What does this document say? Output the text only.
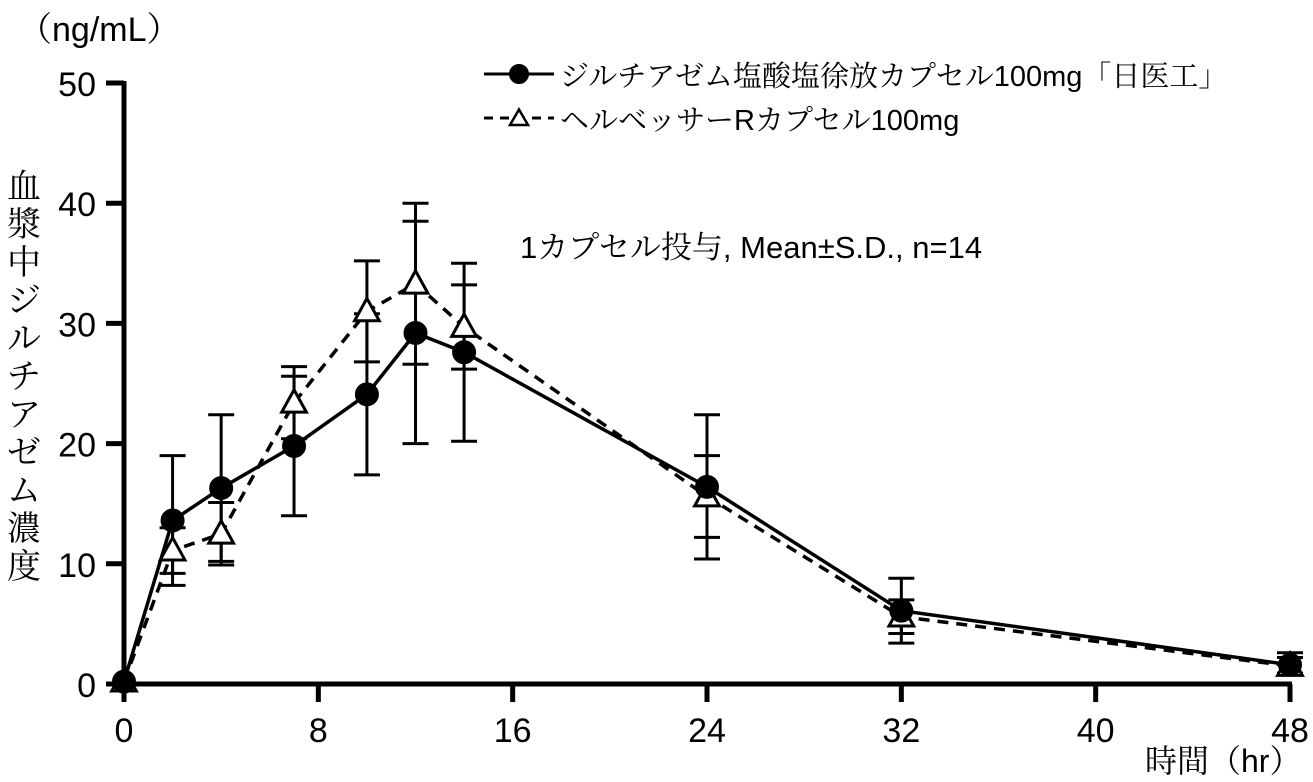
（ng/mL）
血漿中ジルチアゼム濃度
時間（hr）
ジルチアゼム塩酸塩徐放カプセル100mg「日医工」
ヘルベッサーRカプセル100mg
1カプセル投与, Mean±S.D., n=14
0
10
20
30
40
50
0	8	16	24	32	40	48
